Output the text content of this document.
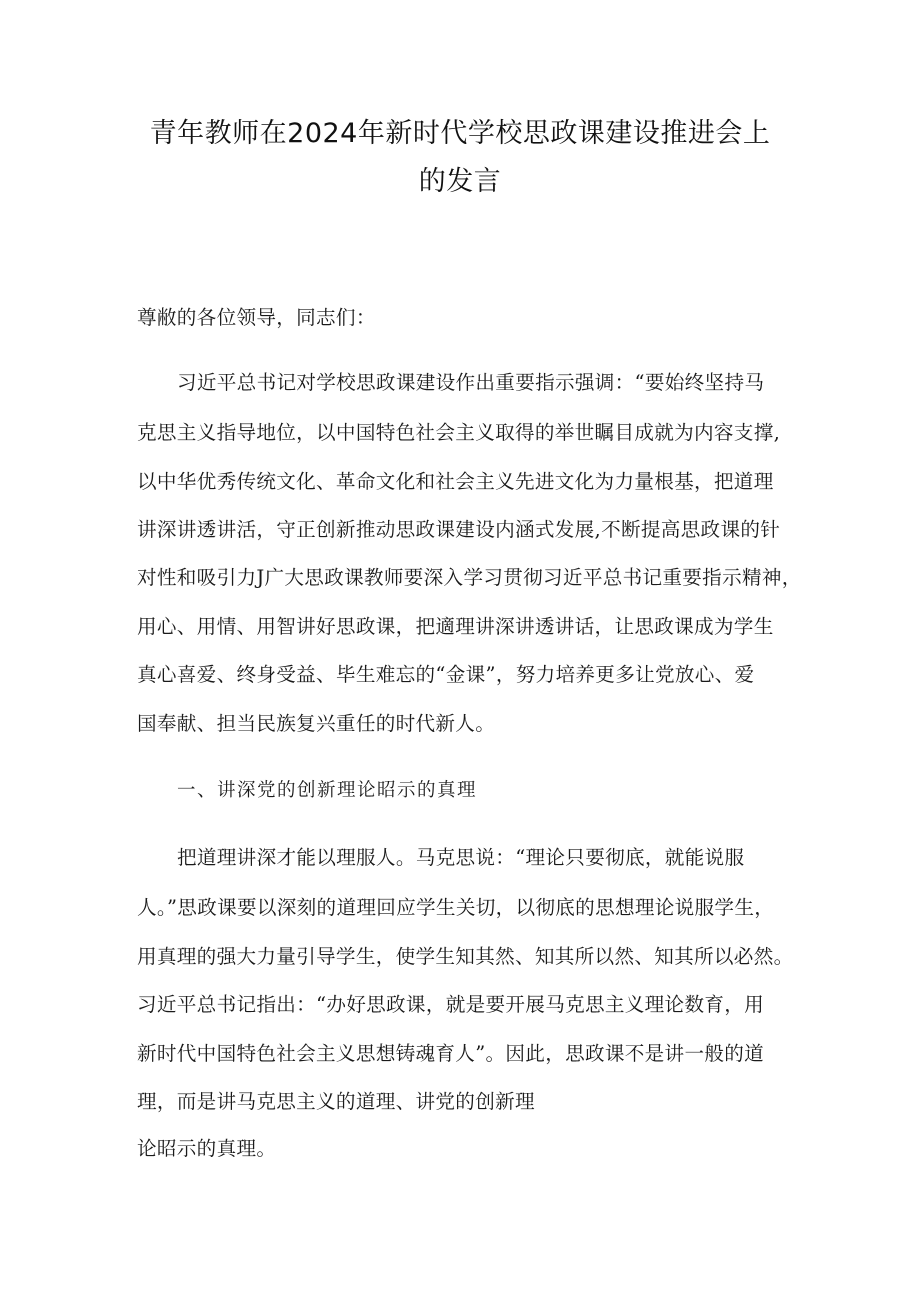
青年教师在2024年新时代学校思政课建设推进会上
的发言
尊敝的各位领导，同志们：
习近平总书记对学校思政课建设作出重要指示强调：“要始终坚持马
克思主义指导地位，以中国特色社会主义取得的举世瞩目成就为内容支撑,
以中华优秀传统文化、革命文化和社会主义先进文化为力量根基，把道理
讲深讲透讲活，守正创新推动思政课建设内涵式发展,不断提高思政课的针
对性和吸引力J广大思政课教师要深入学习贯彻习近平总书记重要指示精神，
用心、用情、用智讲好思政课，把適理讲深讲透讲话，让思政课成为学生
真心喜爱、终身受益、毕生难忘的“金课”，努力培养更多让党放心、爱
国奉献、担当民族复兴重任的时代新人。
一、讲深党的创新理论昭示的真理
把道理讲深才能以理服人。马克思说：“理论只要彻底，就能说服
人。”思政课要以深刻的道理回应学生关切，以彻底的思想理论说服学生，
用真理的强大力量引导学生，使学生知其然、知其所以然、知其所以必然。
习近平总书记指出：“办好思政课，就是要开展马克思主义理论数育，用
新时代中国特色社会主义思想铸魂育人”。因此，思政课不是讲一般的道
理，而是讲马克思主义的道理、讲党的创新理
论昭示的真理。
